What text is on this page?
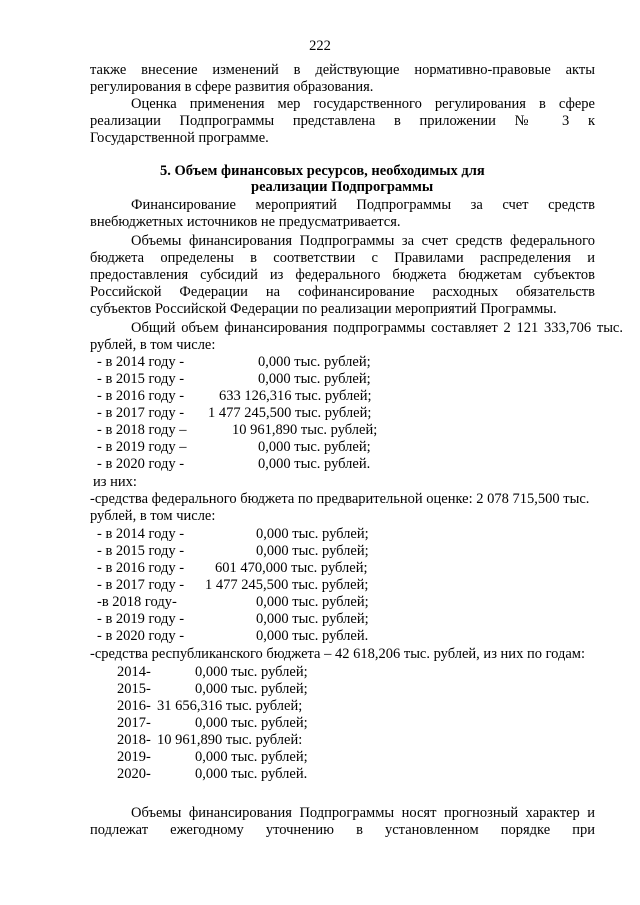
222
также внесение изменений в действующие нормативно-правовые акты
регулирования в сфере развития образования.
Оценка применения мер государственного регулирования в сфере
реализации Подпрограммы представлена в приложении № 3 к
Государственной программе.
5. Объем финансовых ресурсов, необходимых для
реализации Подпрограммы
Финансирование мероприятий Подпрограммы за счет средств
внебюджетных источников не предусматривается.
Объемы финансирования Подпрограммы за счет средств федерального
бюджета определены в соответствии с Правилами распределения и
предоставления субсидий из федерального бюджета бюджетам субъектов
Российской Федерации на софинансирование расходных обязательств
субъектов Российской Федерации по реализации мероприятий Программы.
Общий объем финансирования подпрограммы составляет 2 121 333,706 тыс.
рублей, в том числе:
- в 2014 году -	0,000 тыс. рублей;
- в 2015 году -	0,000 тыс. рублей;
- в 2016 году - 633 126,316 тыс. рублей;
- в 2017 году - 1 477 245,500 тыс. рублей;
- в 2018 году –	10 961,890 тыс. рублей;
- в 2019 году –	0,000 тыс. рублей;
- в 2020 году -	0,000 тыс. рублей.
из них:
-средства федерального бюджета по предварительной оценке: 2 078 715,500 тыс.
рублей, в том числе:
- в 2014 году -	0,000 тыс. рублей;
- в 2015 году -	0,000 тыс. рублей;
- в 2016 году - 601 470,000 тыс. рублей;
- в 2017 году - 1 477 245,500 тыс. рублей;
-в 2018 году-	0,000 тыс. рублей;
- в 2019 году -	0,000 тыс. рублей;
- в 2020 году -	0,000 тыс. рублей.
-средства республиканского бюджета – 42 618,206 тыс. рублей, из них по годам:
2014-	0,000 тыс. рублей;
2015-	0,000 тыс. рублей;
2016- 31 656,316 тыс. рублей;
2017-	0,000 тыс. рублей;
2018- 10 961,890 тыс. рублей:
2019-	0,000 тыс. рублей;
2020-	0,000 тыс. рублей.
Объемы финансирования Подпрограммы носят прогнозный характер и
подлежат ежегодному уточнению в установленном порядке при
